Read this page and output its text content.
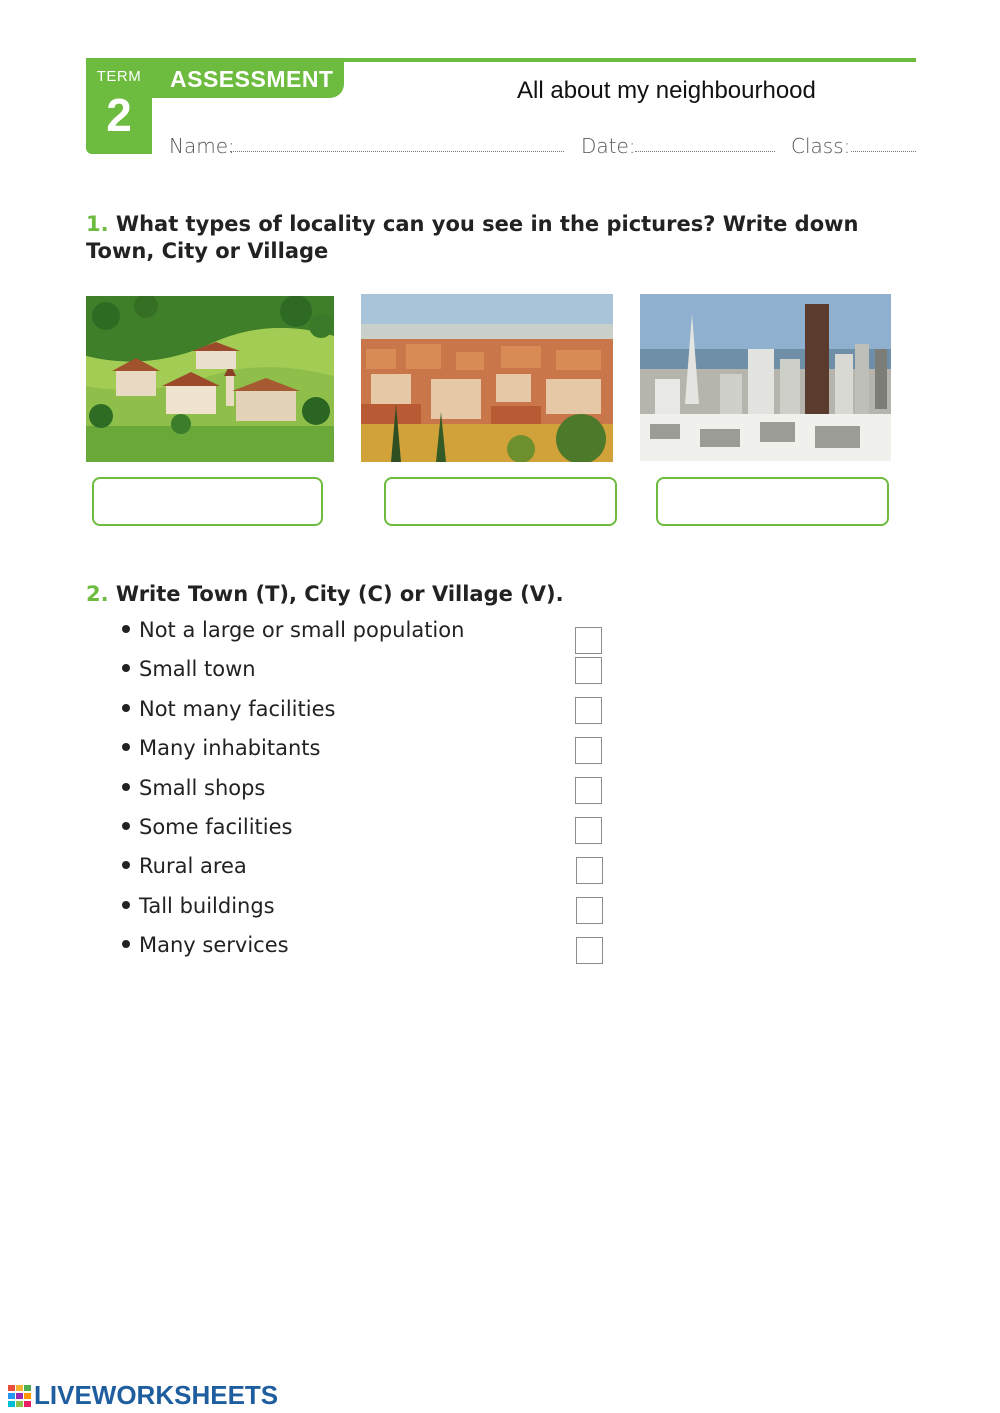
TERM
2
ASSESSMENT	All about my neighbourhood
Name:	Date:	Class:
1. What types of locality can you see in the pictures? Write down Town, City or Village
2. Write Town (T), City (C) or Village (V).
Not a large or small population
Small town
Not many facilities
Many inhabitants
Small shops
Some facilities
Rural area
Tall buildings
Many services
LIVEWORKSHEETS
